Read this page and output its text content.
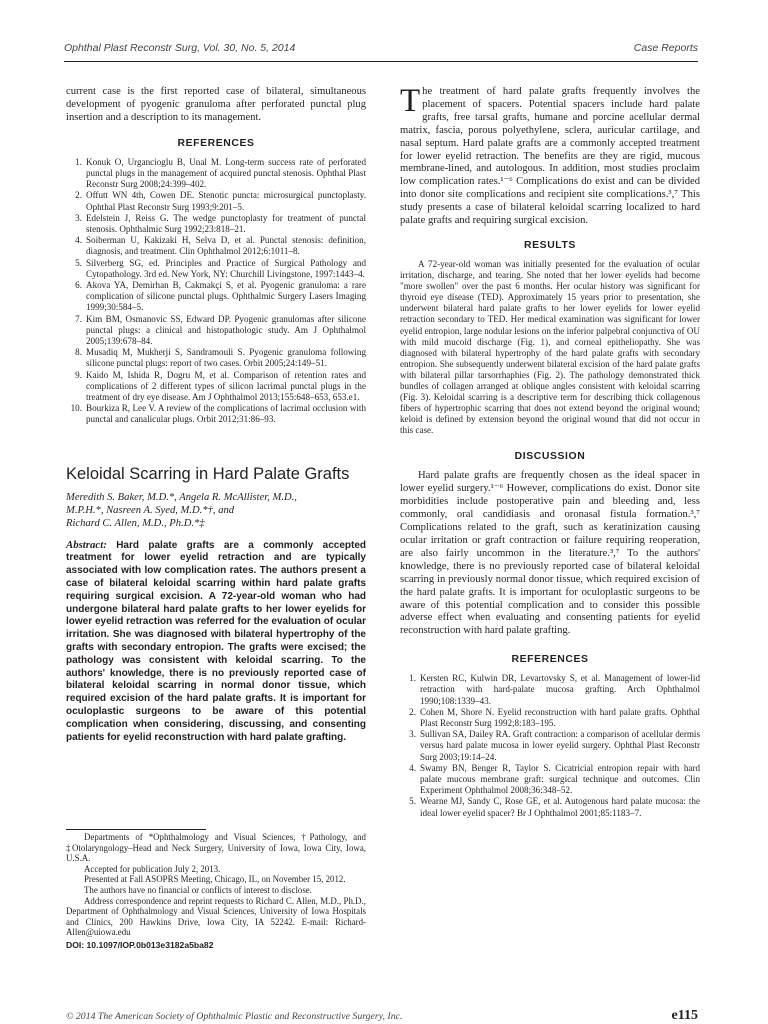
Ophthal Plast Reconstr Surg, Vol. 30, No. 5, 2014	Case Reports

current case is the first reported case of bilateral, simultaneous development of pyogenic granuloma after perforated punctal plug insertion and a description to its management.

REFERENCES

1. Konuk O, Urgancioglu B, Unal M. Long-term success rate of perforated punctal plugs in the management of acquired punctal stenosis. Ophthal Plast Reconstr Surg 2008;24:399–402.
2. Offutt WN 4th, Cowen DE. Stenotic puncta: microsurgical punctoplasty. Ophthal Plast Reconstr Surg 1993;9:201–5.
3. Edelstein J, Reiss G. The wedge punctoplasty for treatment of punctal stenosis. Ophthalmic Surg 1992;23:818–21.
4. Soiberman U, Kakizaki H, Selva D, et al. Punctal stenosis: definition, diagnosis, and treatment. Clin Ophthalmol 2012;6:1011–8.
5. Silverberg SG, ed. Principles and Practice of Surgical Pathology and Cytopathology. 3rd ed. New York, NY: Churchill Livingstone, 1997:1443–4.
6. Akova YA, Demirhan B, Cakmakçi S, et al. Pyogenic granuloma: a rare complication of silicone punctal plugs. Ophthalmic Surgery Lasers Imaging 1999;30:584–5.
7. Kim BM, Osmanovic SS, Edward DP. Pyogenic granulomas after silicone punctal plugs: a clinical and histopathologic study. Am J Ophthalmol 2005;139:678–84.
8. Musadiq M, Mukherji S, Sandramouli S. Pyogenic granuloma following silicone punctal plugs: report of two cases. Orbit 2005;24:149–51.
9. Kaido M, Ishida R, Dogru M, et al. Comparison of retention rates and complications of 2 different types of silicon lacrimal punctal plugs in the treatment of dry eye disease. Am J Ophthalmol 2013;155:648–653, 653.e1.
10. Bourkiza R, Lee V. A review of the complications of lacrimal occlusion with punctal and canalicular plugs. Orbit 2012;31:86–93.

Keloidal Scarring in Hard Palate Grafts

Meredith S. Baker, M.D.*, Angela R. McAllister, M.D.,

M.P.H.*, Nasreen A. Syed, M.D.*†, and

Richard C. Allen, M.D., Ph.D.*‡

Abstract: Hard palate grafts are a commonly accepted treatment for lower eyelid retraction and are typically associated with low complication rates. The authors present a case of bilateral keloidal scarring within hard palate grafts requiring surgical excision. A 72-year-old woman who had undergone bilateral hard palate grafts to her lower eyelids for lower eyelid retraction was referred for the evaluation of ocular irritation. She was diagnosed with bilateral hypertrophy of the grafts with secondary entropion. The grafts were excised; the pathology was consistent with keloidal scarring. To the authors' knowledge, there is no previously reported case of bilateral keloidal scarring in normal donor tissue, which required excision of the hard palate grafts. It is important for oculoplastic surgeons to be aware of this potential complication when considering, discussing, and consenting patients for eyelid reconstruction with hard palate grafting.

Departments of *Ophthalmology and Visual Sciences, †Pathology, and ‡Otolaryngology–Head and Neck Surgery, University of Iowa, Iowa City, Iowa, U.S.A.

Accepted for publication July 2, 2013.

Presented at Fall ASOPRS Meeting, Chicago, IL, on November 15, 2012.

The authors have no financial or conflicts of interest to disclose.

Address correspondence and reprint requests to Richard C. Allen, M.D., Ph.D., Department of Ophthalmology and Visual Sciences, University of Iowa Hospitals and Clinics, 200 Hawkins Drive, Iowa City, IA 52242. E-mail: Richard-Allen@uiowa.edu

DOI: 10.1097/IOP.0b013e3182a5ba82

The treatment of hard palate grafts frequently involves the placement of spacers. Potential spacers include hard palate grafts, free tarsal grafts, humane and porcine acellular dermal matrix, fascia, porous polyethylene, sclera, auricular cartilage, and nasal septum. Hard palate grafts are a commonly accepted treatment for lower eyelid retraction. The benefits are they are rigid, mucous membrane-lined, and autologous. In addition, most studies proclaim low complication rates.¹⁻⁶ Complications do exist and can be divided into donor site complications and recipient site complications.³,⁷ This study presents a case of bilateral keloidal scarring localized to hard palate grafts and requiring surgical excision.

RESULTS

A 72-year-old woman was initially presented for the evaluation of ocular irritation, discharge, and tearing. She noted that her lower eyelids had become "more swollen" over the past 6 months. Her ocular history was significant for thyroid eye disease (TED). Approximately 15 years prior to presentation, she underwent bilateral hard palate grafts to her lower eyelids for lower eyelid retraction secondary to TED. Her medical examination was significant for lower eyelid entropion, large nodular lesions on the inferior palpebral conjunctiva of OU with mild mucoid discharge (Fig. 1), and corneal epitheliopathy. She was diagnosed with bilateral hypertrophy of the hard palate grafts with secondary entropion. She subsequently underwent bilateral excision of the hard palate grafts with bilateral pillar tarsorrhaphies (Fig. 2). The pathology demonstrated thick bundles of collagen arranged at oblique angles consistent with keloidal scarring (Fig. 3). Keloidal scarring is a descriptive term for describing thick collagenous fibers of hypertrophic scarring that does not extend beyond the original wound; keloid is defined by extension beyond the original wound that did not occur in this case.

DISCUSSION

Hard palate grafts are frequently chosen as the ideal spacer in lower eyelid surgery.¹⁻⁶ However, complications do exist. Donor site morbidities include postoperative pain and bleeding and, less commonly, oral candidiasis and oronasal fistula formation.³,⁷ Complications related to the graft, such as keratinization causing ocular irritation or graft contraction or failure requiring reoperation, are also fairly uncommon in the literature.³,⁷ To the authors' knowledge, there is no previously reported case of bilateral keloidal scarring in previously normal donor tissue, which required excision of the hard palate grafts. It is important for oculoplastic surgeons to be aware of this potential complication and to consider this possible adverse effect when evaluating and consenting patients for eyelid reconstruction with hard palate grafting.

REFERENCES

1. Kersten RC, Kulwin DR, Levartovsky S, et al. Management of lower-lid retraction with hard-palate mucosa grafting. Arch Ophthalmol 1990;108:1339–43.
2. Cohen M, Shore N. Eyelid reconstruction with hard palate grafts. Ophthal Plast Reconstr Surg 1992;8:183–195.
3. Sullivan SA, Dailey RA. Graft contraction: a comparison of acellular dermis versus hard palate mucosa in lower eyelid surgery. Ophthal Plast Reconstr Surg 2003;19:14–24.
4. Swamy BN, Benger R, Taylor S. Cicatricial entropion repair with hard palate mucous membrane graft: surgical technique and outcomes. Clin Experiment Ophthalmol 2008;36:348–52.
5. Wearne MJ, Sandy C, Rose GE, et al. Autogenous hard palate mucosa: the ideal lower eyelid spacer? Br J Ophthalmol 2001;85:1183–7.
© 2014 The American Society of Ophthalmic Plastic and Reconstructive Surgery, Inc.	e115
